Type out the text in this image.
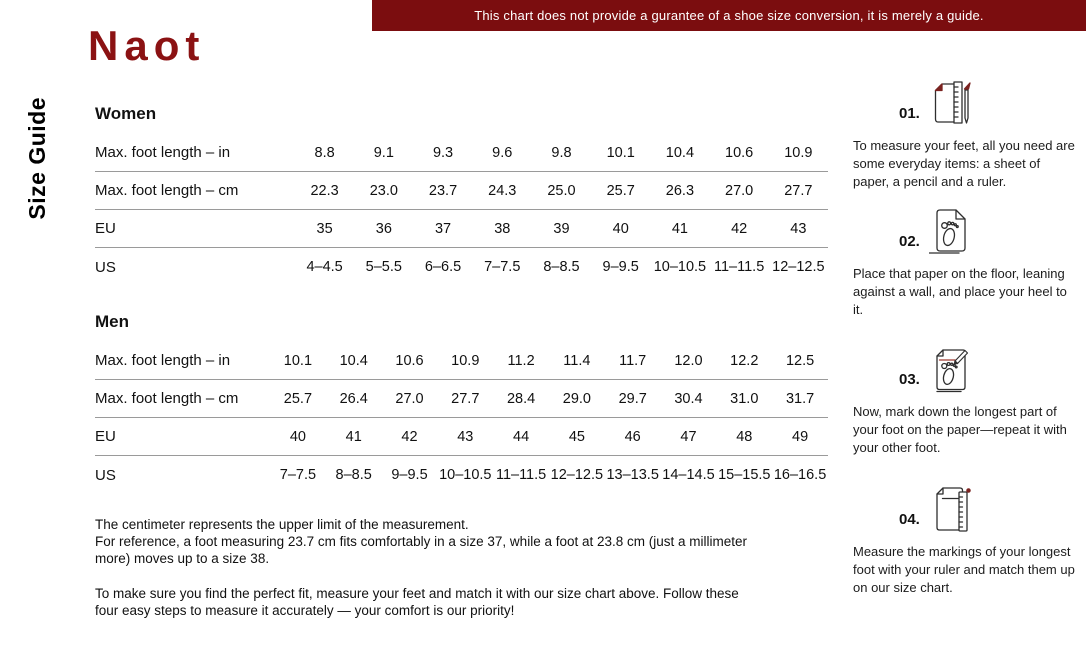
This chart does not provide a gurantee of a shoe size conversion, it is merely a guide.
Naot
Size Guide	Women
Max. foot length – in	8.8	9.1	9.3	9.6	9.8	10.1	10.4	10.6	10.9
Max. foot length – cm	22.3	23.0	23.7	24.3	25.0	25.7	26.3	27.0	27.7
EU	35	36	37	38	39	40	41	42	43
US	4–4.5	5–5.5	6–6.5	7–7.5	8–8.5	9–9.5	10–10.5 11–11.5 12–12.5
Men
Max. foot length – in	10.1	10.4	10.6	10.9	11.2	11.4	11.7	12.0	12.2	12.5
Max. foot length – cm	25.7	26.4	27.0	27.7	28.4	29.0	29.7	30.4	31.0	31.7
EU	40	41	42	43	44	45	46	47	48	49
US	7–7.5	8–8.5	9–9.5 10–10.5 11–11.5 12–12.5 13–13.5 14–14.5 15–15.5 16–16.5

The centimeter represents the upper limit of the measurement.
For reference, a foot measuring 23.7 cm fits comfortably in a size 37, while a foot at 23.8 cm (just a millimeter more) moves up to a size 38.

To make sure you find the perfect fit, measure your feet and match it with our size chart above. Follow these four easy steps to measure it accurately — your comfort is our priority!

01.

To measure your feet, all you need are some everyday items: a sheet of paper, a pencil and a ruler.

02.

Place that paper on the floor, leaning against a wall, and place your heel to it.

03.

Now, mark down the longest part of your foot on the paper—repeat it with your other foot.

04.

Measure the markings of your longest foot with your ruler and match them up on our size chart.
